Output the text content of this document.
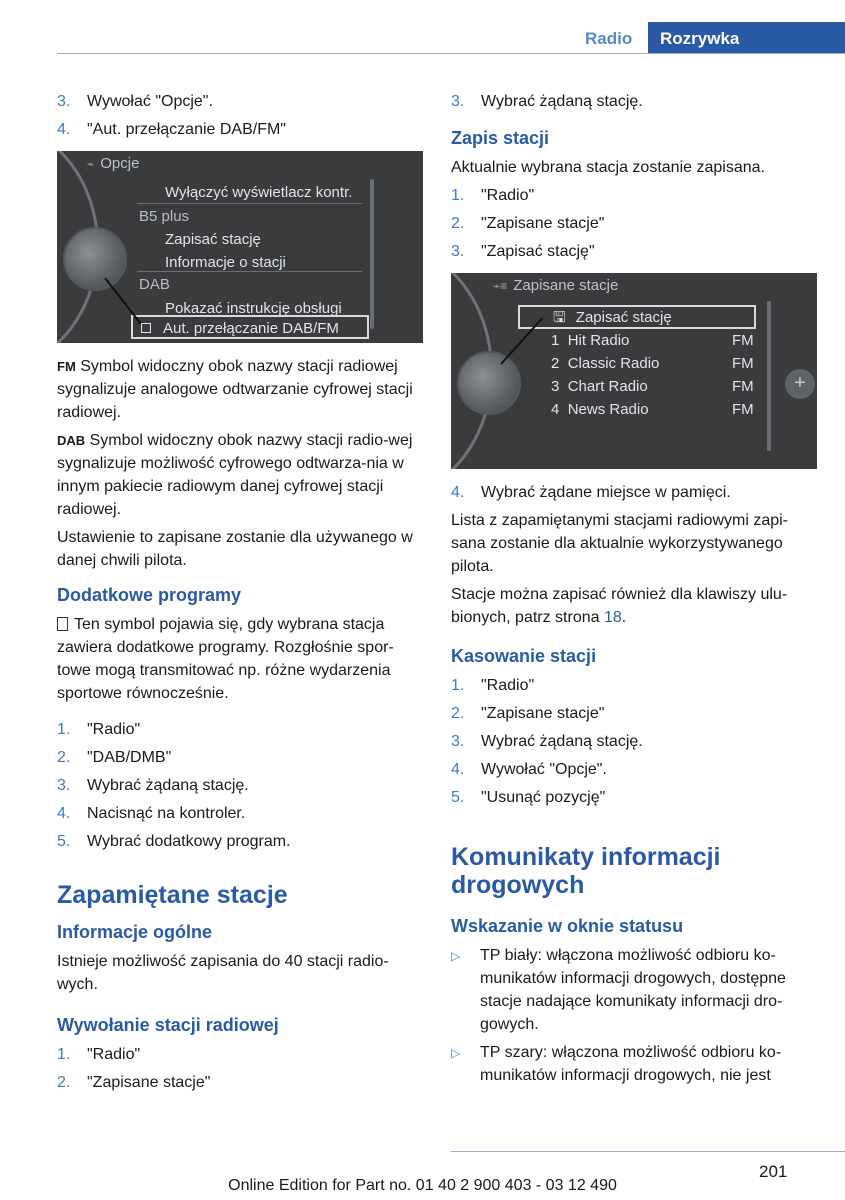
Radio	Rozrywka
3.	Wywołać "Opcje".
4.	"Aut. przełączanie DAB/FM"
⌁ Opcje
Wyłączyć wyświetlacz kontr.
B5 plus
Zapisać stację
Informacje o stacji
DAB
Pokazać instrukcję obsługi
Aut. przełączanie DAB/FM

FM Symbol widoczny obok nazwy stacji radiowej sygnalizuje analogowe odtwarzanie cyfrowej stacji radiowej.

DAB Symbol widoczny obok nazwy stacji radio-wej sygnalizuje możliwość cyfrowego odtwarza-nia w innym pakiecie radiowym danej cyfrowej stacji radiowej.

Ustawienie to zapisane zostanie dla używanego w danej chwili pilota.

Dodatkowe programy

Ten symbol pojawia się, gdy wybrana stacja zawiera dodatkowe programy. Rozgłośnie spor-towe mogą transmitować np. różne wydarzenia sportowe równocześnie.

1.	"Radio"
2.	"DAB/DMB"
3.	Wybrać żądaną stację.
4.	Nacisnąć na kontroler.
5.	Wybrać dodatkowy program.
Zapamiętane stacje
Informacje ogólne

Istnieje możliwość zapisania do 40 stacji radio-wych.

Wywołanie stacji radiowej
1.	"Radio"
2.	"Zapisane stacje"
3.	Wybrać żądaną stację.
Zapis stacji

Aktualnie wybrana stacja zostanie zapisana.

1.	"Radio"
2.	"Zapisane stacje"
3.	"Zapisać stację"
⌁≡ Zapisane stacje
+
🖫 Zapisać stację
1 Hit Radio	FM
2 Classic Radio	FM
3 Chart Radio	FM
4 News Radio	FM
4.	Wybrać żądane miejsce w pamięci.

Lista z zapamiętanymi stacjami radiowymi zapi-sana zostanie dla aktualnie wykorzystywanego pilota.

Stacje można zapisać również dla klawiszy ulu-bionych, patrz strona 18.

Kasowanie stacji
1.	"Radio"
2.	"Zapisane stacje"
3.	Wybrać żądaną stację.
4.	Wywołać "Opcje".
5.	"Usunąć pozycję"
Komunikaty informacji drogowych
Wskazanie w oknie statusu
▷	TP biały: włączona możliwość odbioru ko-munikatów informacji drogowych, dostępne stacje nadające komunikaty informacji dro-gowych.
▷	TP szary: włączona możliwość odbioru ko-munikatów informacji drogowych, nie jest
201
Online Edition for Part no. 01 40 2 900 403 - 03 12 490
